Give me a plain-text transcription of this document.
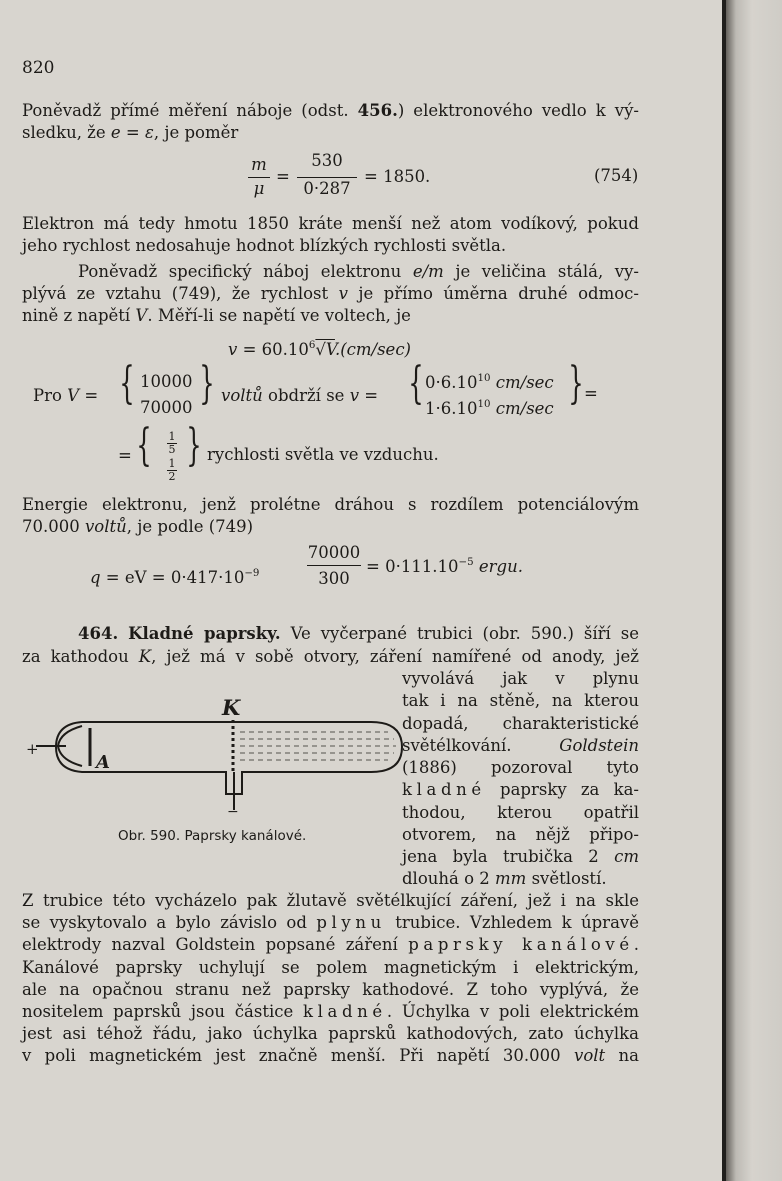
820
Poněvadž přímé měření náboje (odst. 456.) elektronového vedlo k vý-
sledku, že e = ε, je poměr
m
μ
=
530
0·287
= 1850.	(754)
Elektron má tedy hmotu 1850 kráte menší než atom vodíkový, pokud
jeho rychlost nedosahuje hodnot blízkých rychlosti světla.
Poněvadž specifický náboj elektronu e/m je veličina stálá, vy-
plývá ze vztahu (749), že rychlost v je přímo úměrna druhé odmoc-
nině z napětí V. Měří-li se napětí ve voltech, je
$v = 60.10^6√V.(cm/\sec)$
Pro V = { 10000
70000 } voltů obdrží se v = { $0\cdot 6.10^{10}$ cm/sec
$1\cdot 6.10^{10}$ cm/sec } =
= { 1
5
1
2
} rychlosti světla ve vzduchu.
Energie elektronu, jenž prolétne dráhou s rozdílem potenciálovým
70.000 voltů, je podle (749)
q = eV = $0\cdot 417\cdot 10^{-9}$
70000
300
= $0\cdot 111.10^{-5}$ ergu.
464. Kladné paprsky. Ve vyčerpané trubici (obr. 590.) šíří se
za kathodou K, jež má v sobě otvory, záření namířené od anody, jež
vyvolává jak v plynu
tak i na stěně, na kterou
dopadá, charakteristické
světélkování. Goldstein
(1886) pozoroval tyto
kladné paprsky za ka-
thodou, kterou opatřil
otvorem, na nějž připo-
jena byla trubička 2 cm
dlouhá o 2 mm světlostí.
K
+
A
−
Obr. 590. Paprsky kanálové.
Z trubice této vycházelo pak žlutavě světélkující záření, jež i na skle
se vyskytovalo a bylo závislo od plynu trubice. Vzhledem k úpravě
elektrody nazval Goldstein popsané záření paprsky kanálové.
Kanálové paprsky uchylují se polem magnetickým i elektrickým,
ale na opačnou stranu než paprsky kathodové. Z toho vyplývá, že
nositelem paprsků jsou částice kladné. Úchylka v poli elektrickém
jest asi téhož řádu, jako úchylka paprsků kathodových, zato úchylka
v poli magnetickém jest značně menší. Při napětí 30.000 volt na
